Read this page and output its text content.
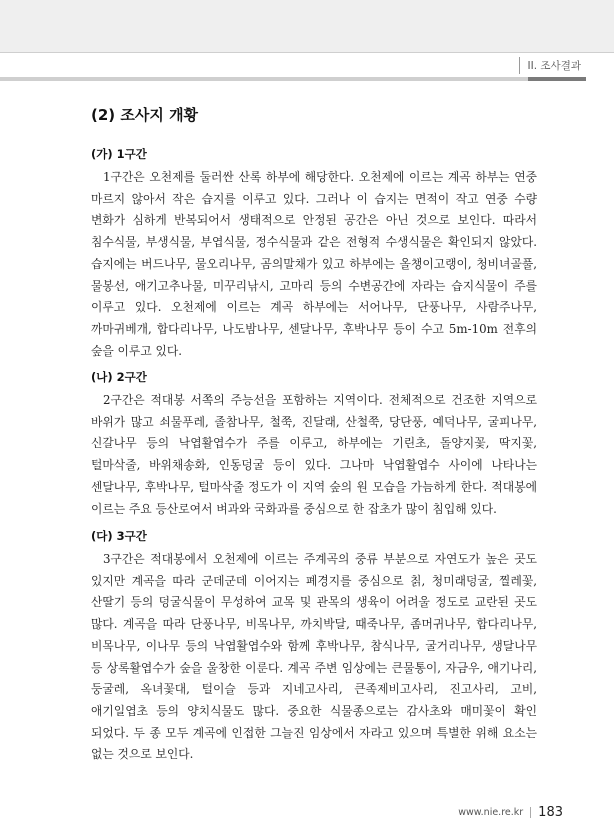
II. 조사결과
(2) 조사지 개황
(가) 1구간

1구간은 오천제를 둘러싼 산록 하부에 해당한다. 오천제에 이르는 계곡 하부는 연중 마르지 않아서 작은 습지를 이루고 있다. 그러나 이 습지는 면적이 작고 연중 수량 변화가 심하게 반복되어서 생태적으로 안정된 공간은 아닌 것으로 보인다. 따라서 침수식물, 부생식물, 부엽식물, 정수식물과 같은 전형적 수생식물은 확인되지 않았다. 습지에는 버드나무, 물오리나무, 곰의말채가 있고 하부에는 올챙이고랭이, 청비녀골풀, 물봉선, 애기고추나물, 미꾸리낚시, 고마리 등의 수변공간에 자라는 습지식물이 주를 이루고 있다. 오천제에 이르는 계곡 하부에는 서어나무, 단풍나무, 사람주나무, 까마귀베개, 합다리나무, 나도밤나무, 센달나무, 후박나무 등이 수고 5m-10m 전후의 숲을 이루고 있다.

(나) 2구간

2구간은 적대봉 서쪽의 주능선을 포함하는 지역이다. 전체적으로 건조한 지역으로 바위가 많고 쇠물푸레, 졸참나무, 철쭉, 진달래, 산철쭉, 당단풍, 예덕나무, 굴피나무, 신갈나무 등의 낙엽활엽수가 주를 이루고, 하부에는 기린초, 돌양지꽃, 딱지꽃, 털마삭줄, 바위채송화, 인동덩굴 등이 있다. 그나마 낙엽활엽수 사이에 나타나는 센달나무, 후박나무, 털마삭줄 정도가 이 지역 숲의 원 모습을 가늠하게 한다. 적대봉에 이르는 주요 등산로여서 벼과와 국화과를 중심으로 한 잡초가 많이 침입해 있다.

(다) 3구간

3구간은 적대봉에서 오천제에 이르는 주계곡의 중류 부분으로 자연도가 높은 곳도 있지만 계곡을 따라 군데군데 이어지는 폐경지를 중심으로 칡, 청미래덩굴, 찔레꽃, 산딸기 등의 덩굴식물이 무성하여 교목 및 관목의 생육이 어려울 정도로 교란된 곳도 많다. 계곡을 따라 단풍나무, 비목나무, 까치박달, 때죽나무, 좀머귀나무, 합다리나무, 비목나무, 이나무 등의 낙엽활엽수와 함께 후박나무, 참식나무, 굴거리나무, 생달나무 등 상록활엽수가 숲을 울창한 이룬다. 계곡 주변 임상에는 큰물통이, 자금우, 애기나리, 둥굴레, 옥녀꽃대, 털이슬 등과 지네고사리, 큰족제비고사리, 진고사리, 고비, 애기일엽초 등의 양치식물도 많다. 중요한 식물종으로는 감사초와 매미꽃이 확인 되었다. 두 종 모두 계곡에 인접한 그늘진 임상에서 자라고 있으며 특별한 위해 요소는 없는 것으로 보인다.

www.nie.re.kr 183
